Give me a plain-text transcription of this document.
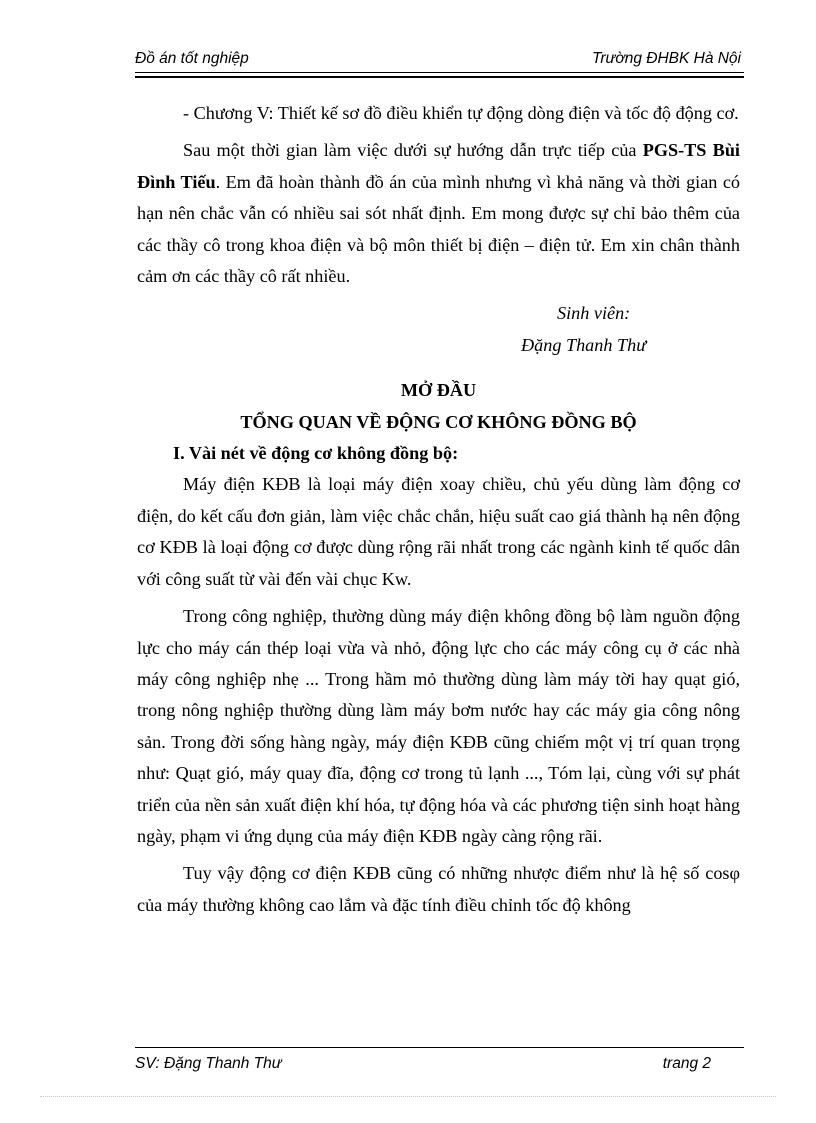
Đồ án tốt nghiệp	Trường ĐHBK Hà Nội

- Chương V: Thiết kế sơ đồ điều khiển tự động dòng điện và tốc độ động cơ.

Sau một thời gian làm việc dưới sự hướng dẫn trực tiếp của PGS-TS Bùi Đình Tiếu. Em đã hoàn thành đồ án của mình nhưng vì khả năng và thời gian có hạn nên chắc vẫn có nhiều sai sót nhất định. Em mong được sự chỉ bảo thêm của các thầy cô trong khoa điện và bộ môn thiết bị điện – điện tử. Em xin chân thành cảm ơn các thầy cô rất nhiều.

Sinh viên:

Đặng Thanh Thư

MỞ ĐẦU

TỔNG QUAN VỀ ĐỘNG CƠ KHÔNG ĐỒNG BỘ

I. Vài nét về động cơ không đồng bộ:

Máy điện KĐB là loại máy điện xoay chiều, chủ yếu dùng làm động cơ điện, do kết cấu đơn giản, làm việc chắc chắn, hiệu suất cao giá thành hạ nên động cơ KĐB là loại động cơ được dùng rộng rãi nhất trong các ngành kinh tế quốc dân với công suất từ vài đến vài chục Kw.

Trong công nghiệp, thường dùng máy điện không đồng bộ làm nguồn động lực cho máy cán thép loại vừa và nhỏ, động lực cho các máy công cụ ở các nhà máy công nghiệp nhẹ ... Trong hầm mỏ thường dùng làm máy tời hay quạt gió, trong nông nghiệp thường dùng làm máy bơm nước hay các máy gia công nông sản. Trong đời sống hàng ngày, máy điện KĐB cũng chiếm một vị trí quan trọng như: Quạt gió, máy quay đĩa, động cơ trong tủ lạnh ..., Tóm lại, cùng với sự phát triển của nền sản xuất điện khí hóa, tự động hóa và các phương tiện sinh hoạt hàng ngày, phạm vi ứng dụng của máy điện KĐB ngày càng rộng rãi.

Tuy vậy động cơ điện KĐB cũng có những nhược điểm như là hệ số cosφ của máy thường không cao lắm và đặc tính điều chỉnh tốc độ không

SV: Đặng Thanh Thư	trang 2
